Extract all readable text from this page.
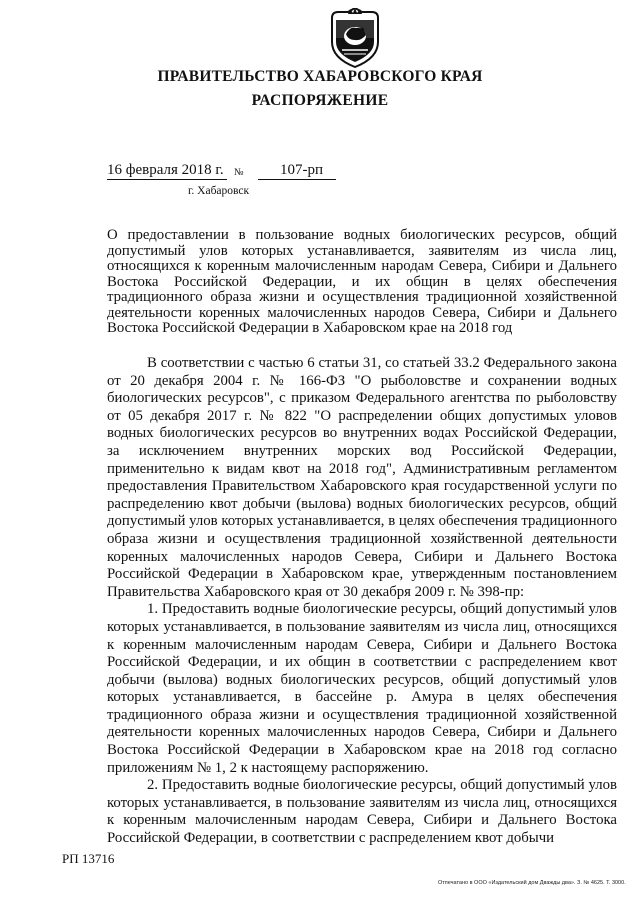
ПРАВИТЕЛЬСТВО ХАБАРОВСКОГО КРАЯ
РАСПОРЯЖЕНИЕ
16 февраля 2018 г.	№	107-рп
г. Хабаровск
О предоставлении в пользование водных биологических ресурсов, общий допустимый улов которых устанавливается, заявителям из числа лиц, относящихся к коренным малочисленным народам Севера, Сибири и Дальнего Востока Российской Федерации, и их общин в целях обеспечения традиционного образа жизни и осуществления традиционной хозяйственной деятельности коренных малочисленных народов Севера, Сибири и Дальнего Востока Российской Федерации в Хабаровском крае на 2018 год

В соответствии с частью 6 статьи 31, со статьей 33.2 Федерального закона от 20 декабря 2004 г. № 166-ФЗ "О рыболовстве и сохранении водных биологических ресурсов", с приказом Федерального агентства по рыболовству от 05 декабря 2017 г. № 822 "О распределении общих допустимых уловов водных биологических ресурсов во внутренних водах Российской Федерации, за исключением внутренних морских вод Российской Федерации, применительно к видам квот на 2018 год", Административным регламентом предоставления Правительством Хабаровского края государственной услуги по распределению квот добычи (вылова) водных биологических ресурсов, общий допустимый улов которых устанавливается, в целях обеспечения традиционного образа жизни и осуществления традиционной хозяйственной деятельности коренных малочисленных народов Севера, Сибири и Дальнего Востока Российской Федерации в Хабаровском крае, утвержденным постановлением Правительства Хабаровского края от 30 декабря 2009 г. № 398-пр:

1. Предоставить водные биологические ресурсы, общий допустимый улов которых устанавливается, в пользование заявителям из числа лиц, относящихся к коренным малочисленным народам Севера, Сибири и Дальнего Востока Российской Федерации, и их общин в соответствии с распределением квот добычи (вылова) водных биологических ресурсов, общий допустимый улов которых устанавливается, в бассейне р. Амура в целях обеспечения традиционного образа жизни и осуществления традиционной хозяйственной деятельности коренных малочисленных народов Севера, Сибири и Дальнего Востока Российской Федерации в Хабаровском крае на 2018 год согласно приложениям № 1, 2 к настоящему распоряжению.

2. Предоставить водные биологические ресурсы, общий допустимый улов которых устанавливается, в пользование заявителям из числа лиц, относящихся к коренным малочисленным народам Севера, Сибири и Дальнего Востока Российской Федерации, в соответствии с распределением квот добычи

РП 13716
Отпечатано в ООО «Издательский дом Дважды два». З. № 4625. Т. 3000.
